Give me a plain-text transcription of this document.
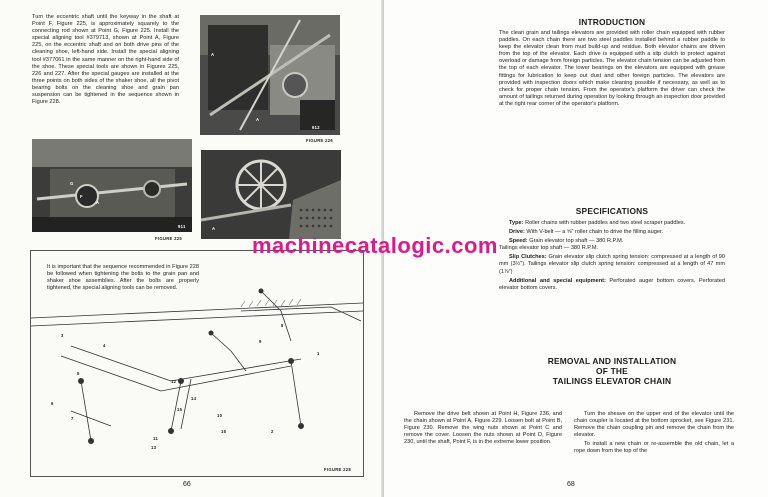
Turn the eccentric shaft until the keyway in the shaft at Point F, Figure 225, is approximately squarely to the connecting rod shown at Point G, Figure 225. Install the special aligning tool #379713, shown at Point A, Figure 225, on the eccentric shaft and on both drive pins of the cleaning shoe, left-hand side. Install the special aligning tool #377061 in the same manner on the right-hand side of the shoe. These special tools are shown in Figures 225, 226 and 227. After the special gauges are installed at the three points on both sides of the shaker shoe, all the pivot bearing bolts on the cleaning shoe and grain pan suspension can be tightened in the sequence shown in Figure 228.

A
A
912
FIGURE 226
G
F
A
911
FIGURE 225
A
1
2
3
4
5
6
7
8
9
10
11
12
13
14
15
16

It is important that the sequence recommended in Figure 228 be followed when tightening the bolts to the grain pan and shaker shoe assemblies. After the bolts are properly tightened, the special aligning tools can be removed.

FIGURE 228
66
INTRODUCTION

The clean grain and tailings elevators are provided with roller chain equipped with rubber paddles. On each chain there are two steel paddles installed behind a rubber paddle to keep the elevator clean from mud build-up and residue. Both elevator chains are driven from the top of the elevator. Each drive is equipped with a slip clutch to protect against overload or damage from foreign particles. The elevator chain tension can be adjusted from the top of each elevator. The lower bearings on the elevators are equipped with grease fittings for lubrication to keep out dust and other foreign particles. The elevators are provided with inspection doors which make cleaning possible if necessary, as well as to check for proper chain tension. From the operator's platform the driver can check the amount of tailings returned during operation by looking through an inspection door provided at the right rear corner of the operator's platform.

SPECIFICATIONS

Type: Roller chains with rubber paddles and two steel scraper paddles.

Drive: With V-belt — a ⅝" roller chain to drive the filling auger.

Speed: Grain elevator top shaft — 380 R.P.M.
Tailings elevator top shaft — 380 R.P.M.

Slip Clutches: Grain elevator slip clutch spring tension: compressed at a length of 90 mm (3½"). Tailings elevator slip clutch spring tension: compressed at a length of 47 mm (1⅞")

Additional and special equipment: Perforated auger bottom covers. Perforated elevator bottom covers.

REMOVAL AND INSTALLATION
OF THE
TAILINGS ELEVATOR CHAIN

Remove the drive belt shown at Point H, Figure 236, and the chain shown at Point A, Figure 229. Loosen bolt at Point B, Figure 230. Remove the wing nuts shown at Point C and remove the cover. Loosen the nuts shown at Point D, Figure 230, until the shaft, Point F, is in the extreme lower position.

Turn the sheave on the upper end of the elevator until the chain coupler is located at the bottom sprocket, see Figure 231. Remove the chain coupling pin and remove the chain from the elevator.

To install a new chain or re-assemble the old chain, let a rope down from the top of the

68
machinecatalogic.com
